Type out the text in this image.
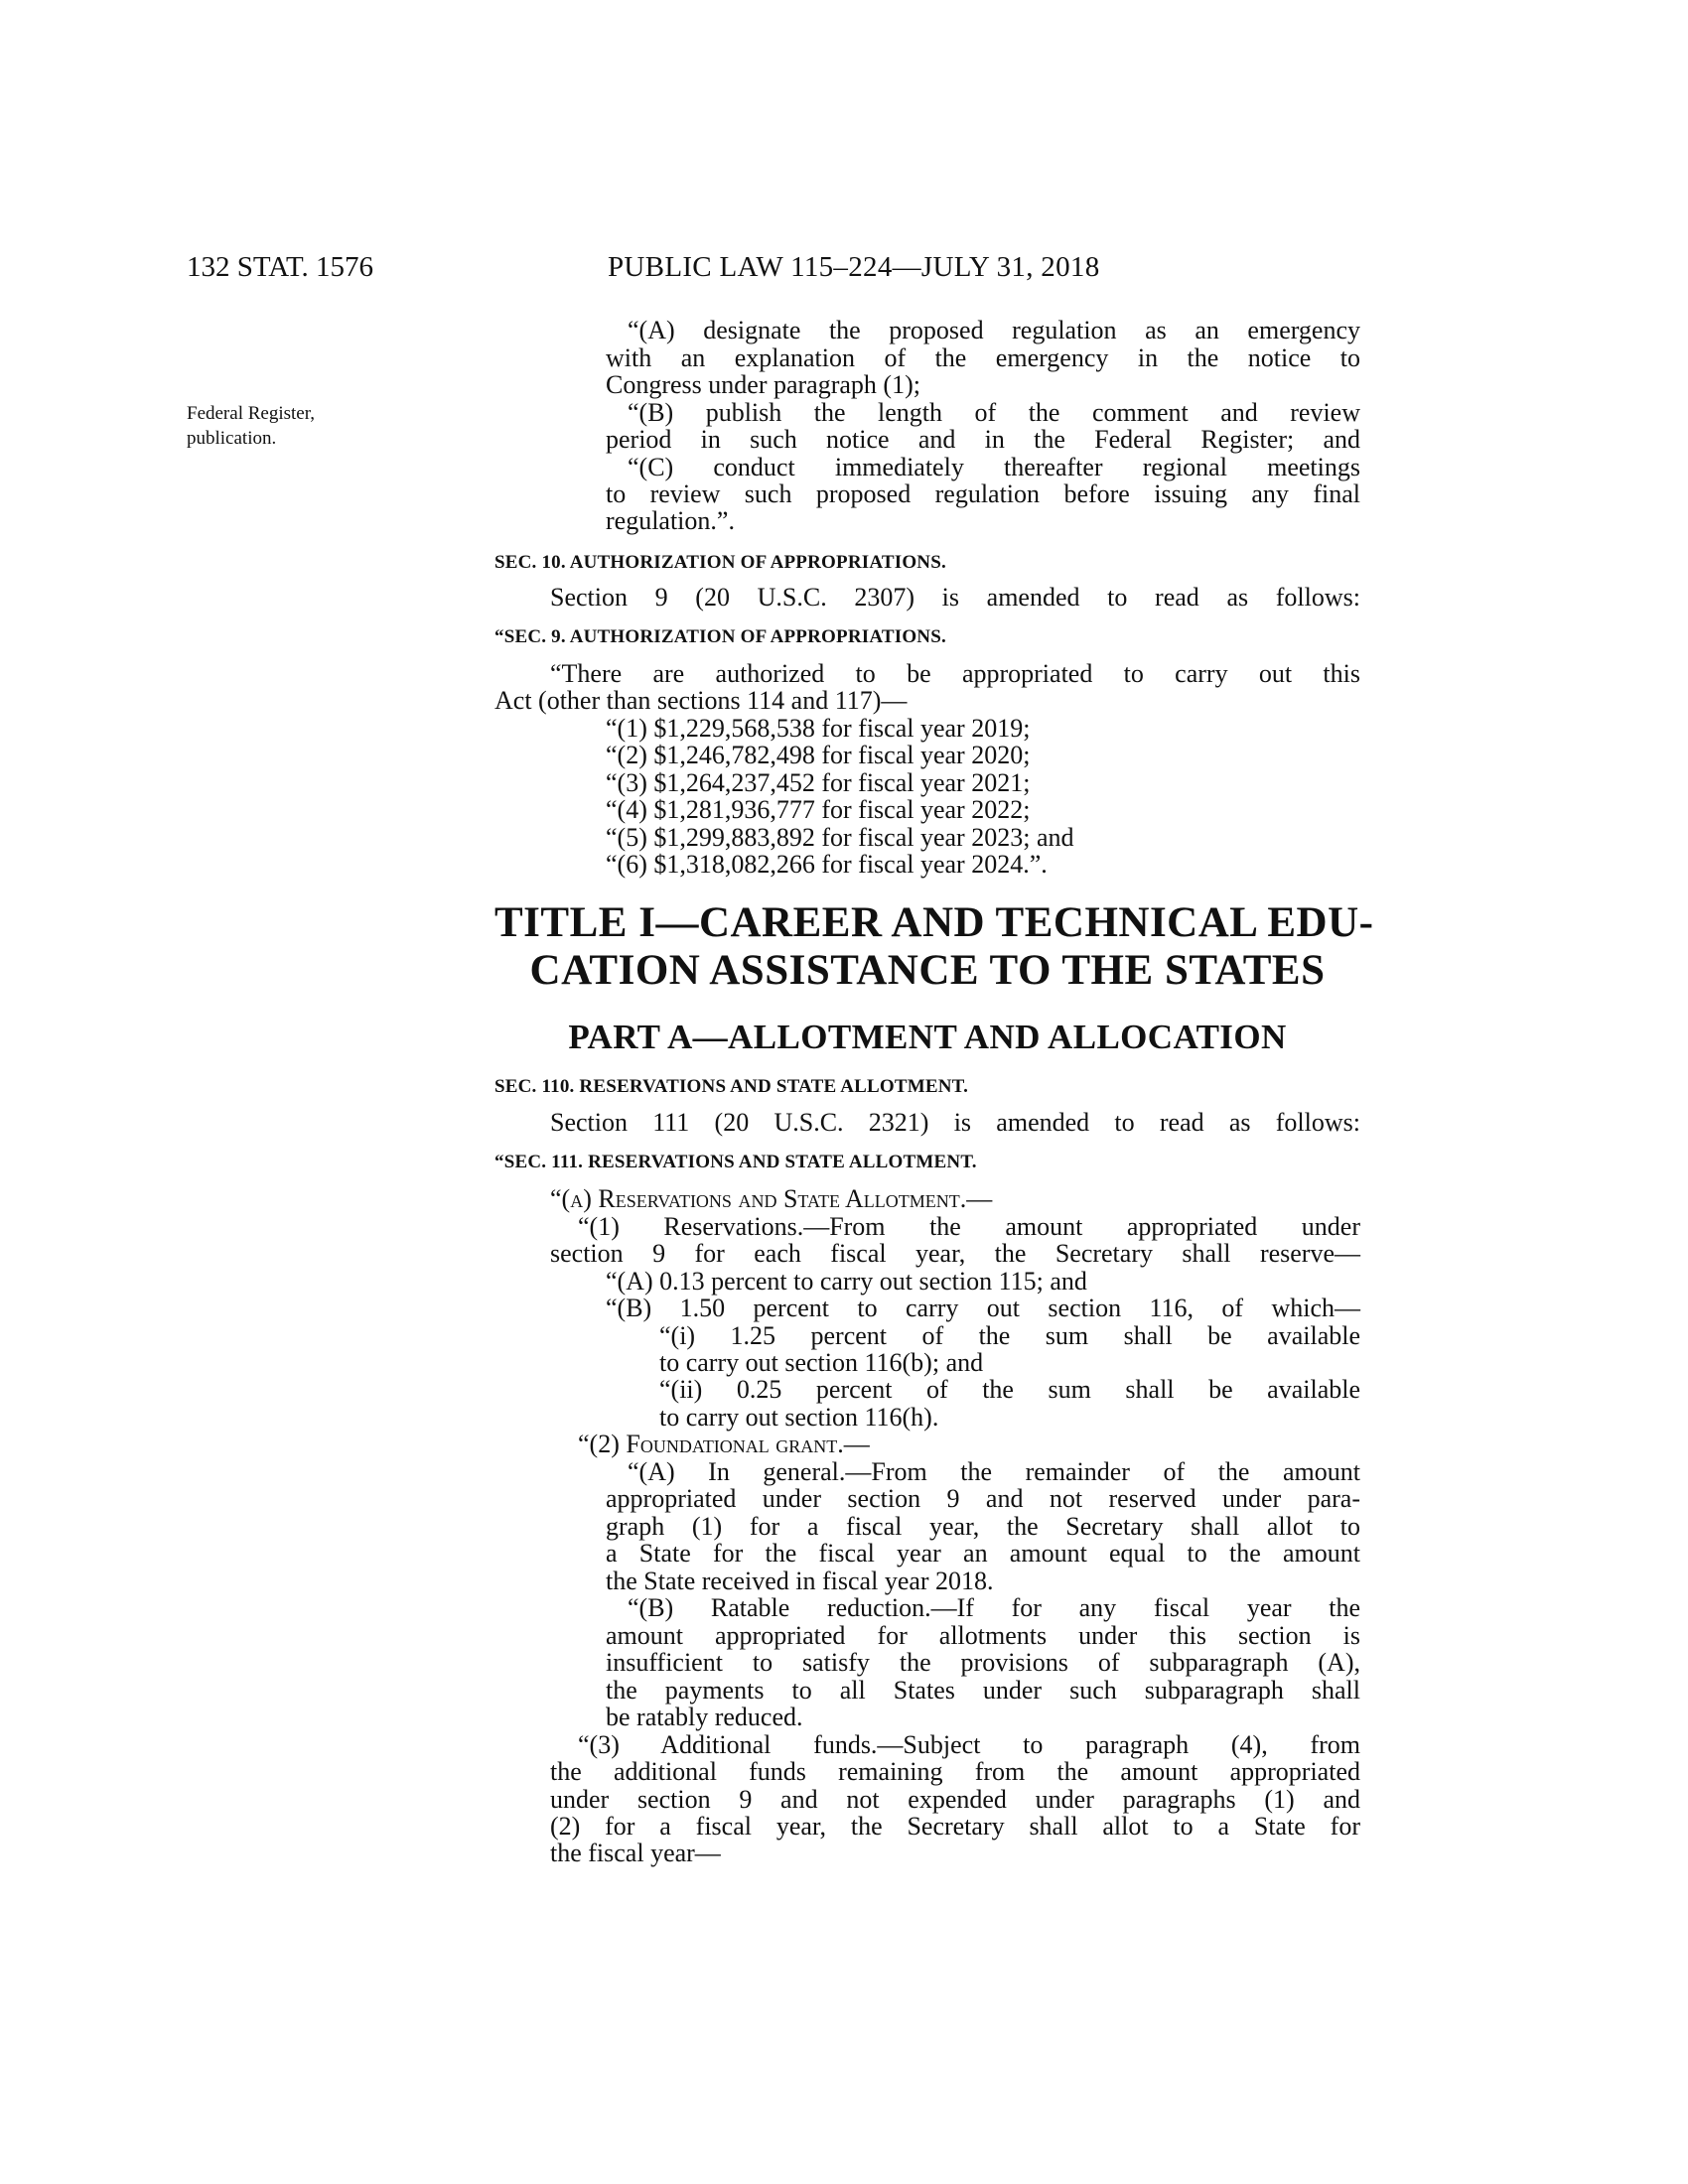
132 STAT. 1576	PUBLIC LAW 115–224—JULY 31, 2018
Federal Register,
publication.
“(A) designate the proposed regulation as an emergency
with an explanation of the emergency in the notice to
Congress under paragraph (1);
“(B) publish the length of the comment and review
period in such notice and in the Federal Register; and
“(C) conduct immediately thereafter regional meetings
to review such proposed regulation before issuing any final
regulation.”.
SEC. 10. AUTHORIZATION OF APPROPRIATIONS.
Section 9 (20 U.S.C. 2307) is amended to read as follows:
“SEC. 9. AUTHORIZATION OF APPROPRIATIONS.
“There are authorized to be appropriated to carry out this
Act (other than sections 114 and 117)—
“(1) $1,229,568,538 for fiscal year 2019;
“(2) $1,246,782,498 for fiscal year 2020;
“(3) $1,264,237,452 for fiscal year 2021;
“(4) $1,281,936,777 for fiscal year 2022;
“(5) $1,299,883,892 for fiscal year 2023; and
“(6) $1,318,082,266 for fiscal year 2024.”.
TITLE I—CAREER AND TECHNICAL EDU-
CATION ASSISTANCE TO THE STATES
PART A—ALLOTMENT AND ALLOCATION
SEC. 110. RESERVATIONS AND STATE ALLOTMENT.
Section 111 (20 U.S.C. 2321) is amended to read as follows:
“SEC. 111. RESERVATIONS AND STATE ALLOTMENT.
“(a) Reservations and State Allotment.—
“(1) Reservations.—From the amount appropriated under
section 9 for each fiscal year, the Secretary shall reserve—
“(A) 0.13 percent to carry out section 115; and
“(B) 1.50 percent to carry out section 116, of which—
“(i) 1.25 percent of the sum shall be available
to carry out section 116(b); and
“(ii) 0.25 percent of the sum shall be available
to carry out section 116(h).
“(2) Foundational grant.—
“(A) In general.—From the remainder of the amount
appropriated under section 9 and not reserved under para-
graph (1) for a fiscal year, the Secretary shall allot to
a State for the fiscal year an amount equal to the amount
the State received in fiscal year 2018.
“(B) Ratable reduction.—If for any fiscal year the
amount appropriated for allotments under this section is
insufficient to satisfy the provisions of subparagraph (A),
the payments to all States under such subparagraph shall
be ratably reduced.
“(3) Additional funds.—Subject to paragraph (4), from
the additional funds remaining from the amount appropriated
under section 9 and not expended under paragraphs (1) and
(2) for a fiscal year, the Secretary shall allot to a State for
the fiscal year—
